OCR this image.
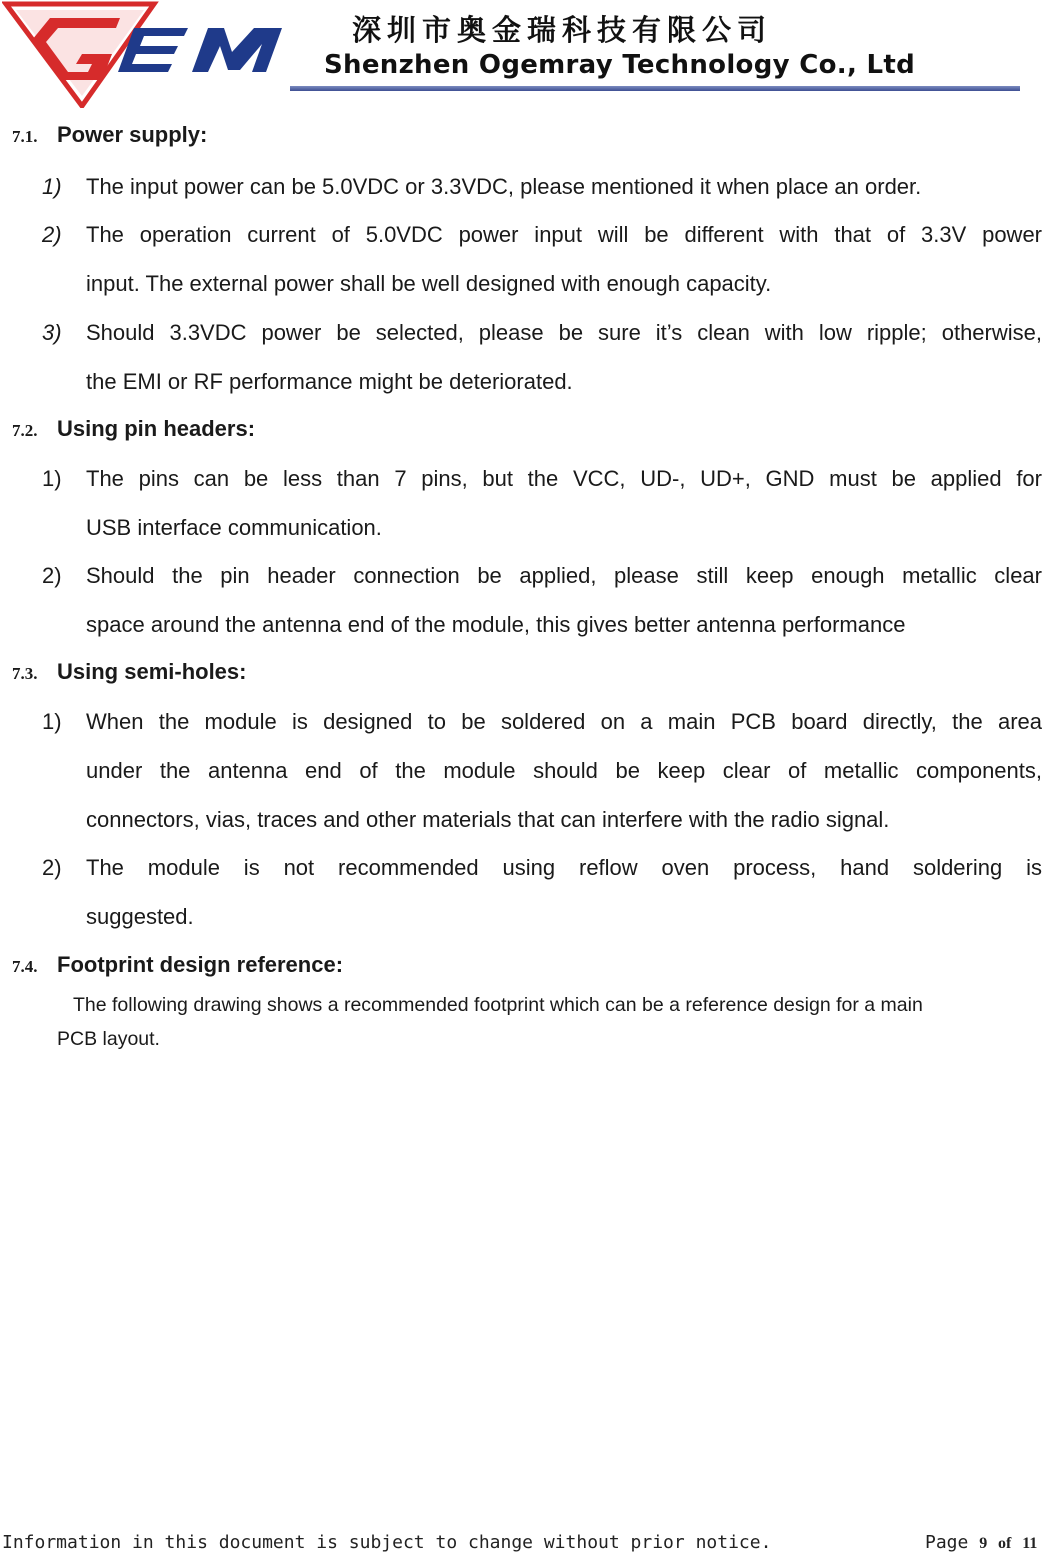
深圳市奥金瑞科技有限公司
Shenzhen Ogemray Technology Co., Ltd
7.1. Power supply:
1) The input power can be 5.0VDC or 3.3VDC, please mentioned it when place an order.
2) The operation current of 5.0VDC power input will be different with that of 3.3V power
input. The external power shall be well designed with enough capacity.
3) Should 3.3VDC power be selected, please be sure it’s clean with low ripple; otherwise,
the EMI or RF performance might be deteriorated.
7.2. Using pin headers:
1) The pins can be less than 7 pins, but the VCC, UD-, UD+, GND must be applied for
USB interface communication.
2) Should the pin header connection be applied, please still keep enough metallic clear
space around the antenna end of the module, this gives better antenna performance
7.3. Using semi-holes:
1) When the module is designed to be soldered on a main PCB board directly, the area
under the antenna end of the module should be keep clear of metallic components,
connectors, vias, traces and other materials that can interfere with the radio signal.
2) The module is not recommended using reflow oven process, hand soldering is
suggested.
7.4. Footprint design reference:
The following drawing shows a recommended footprint which can be a reference design for a main
PCB layout.
Information in this document is subject to change without prior notice.	Page 9 of 11
